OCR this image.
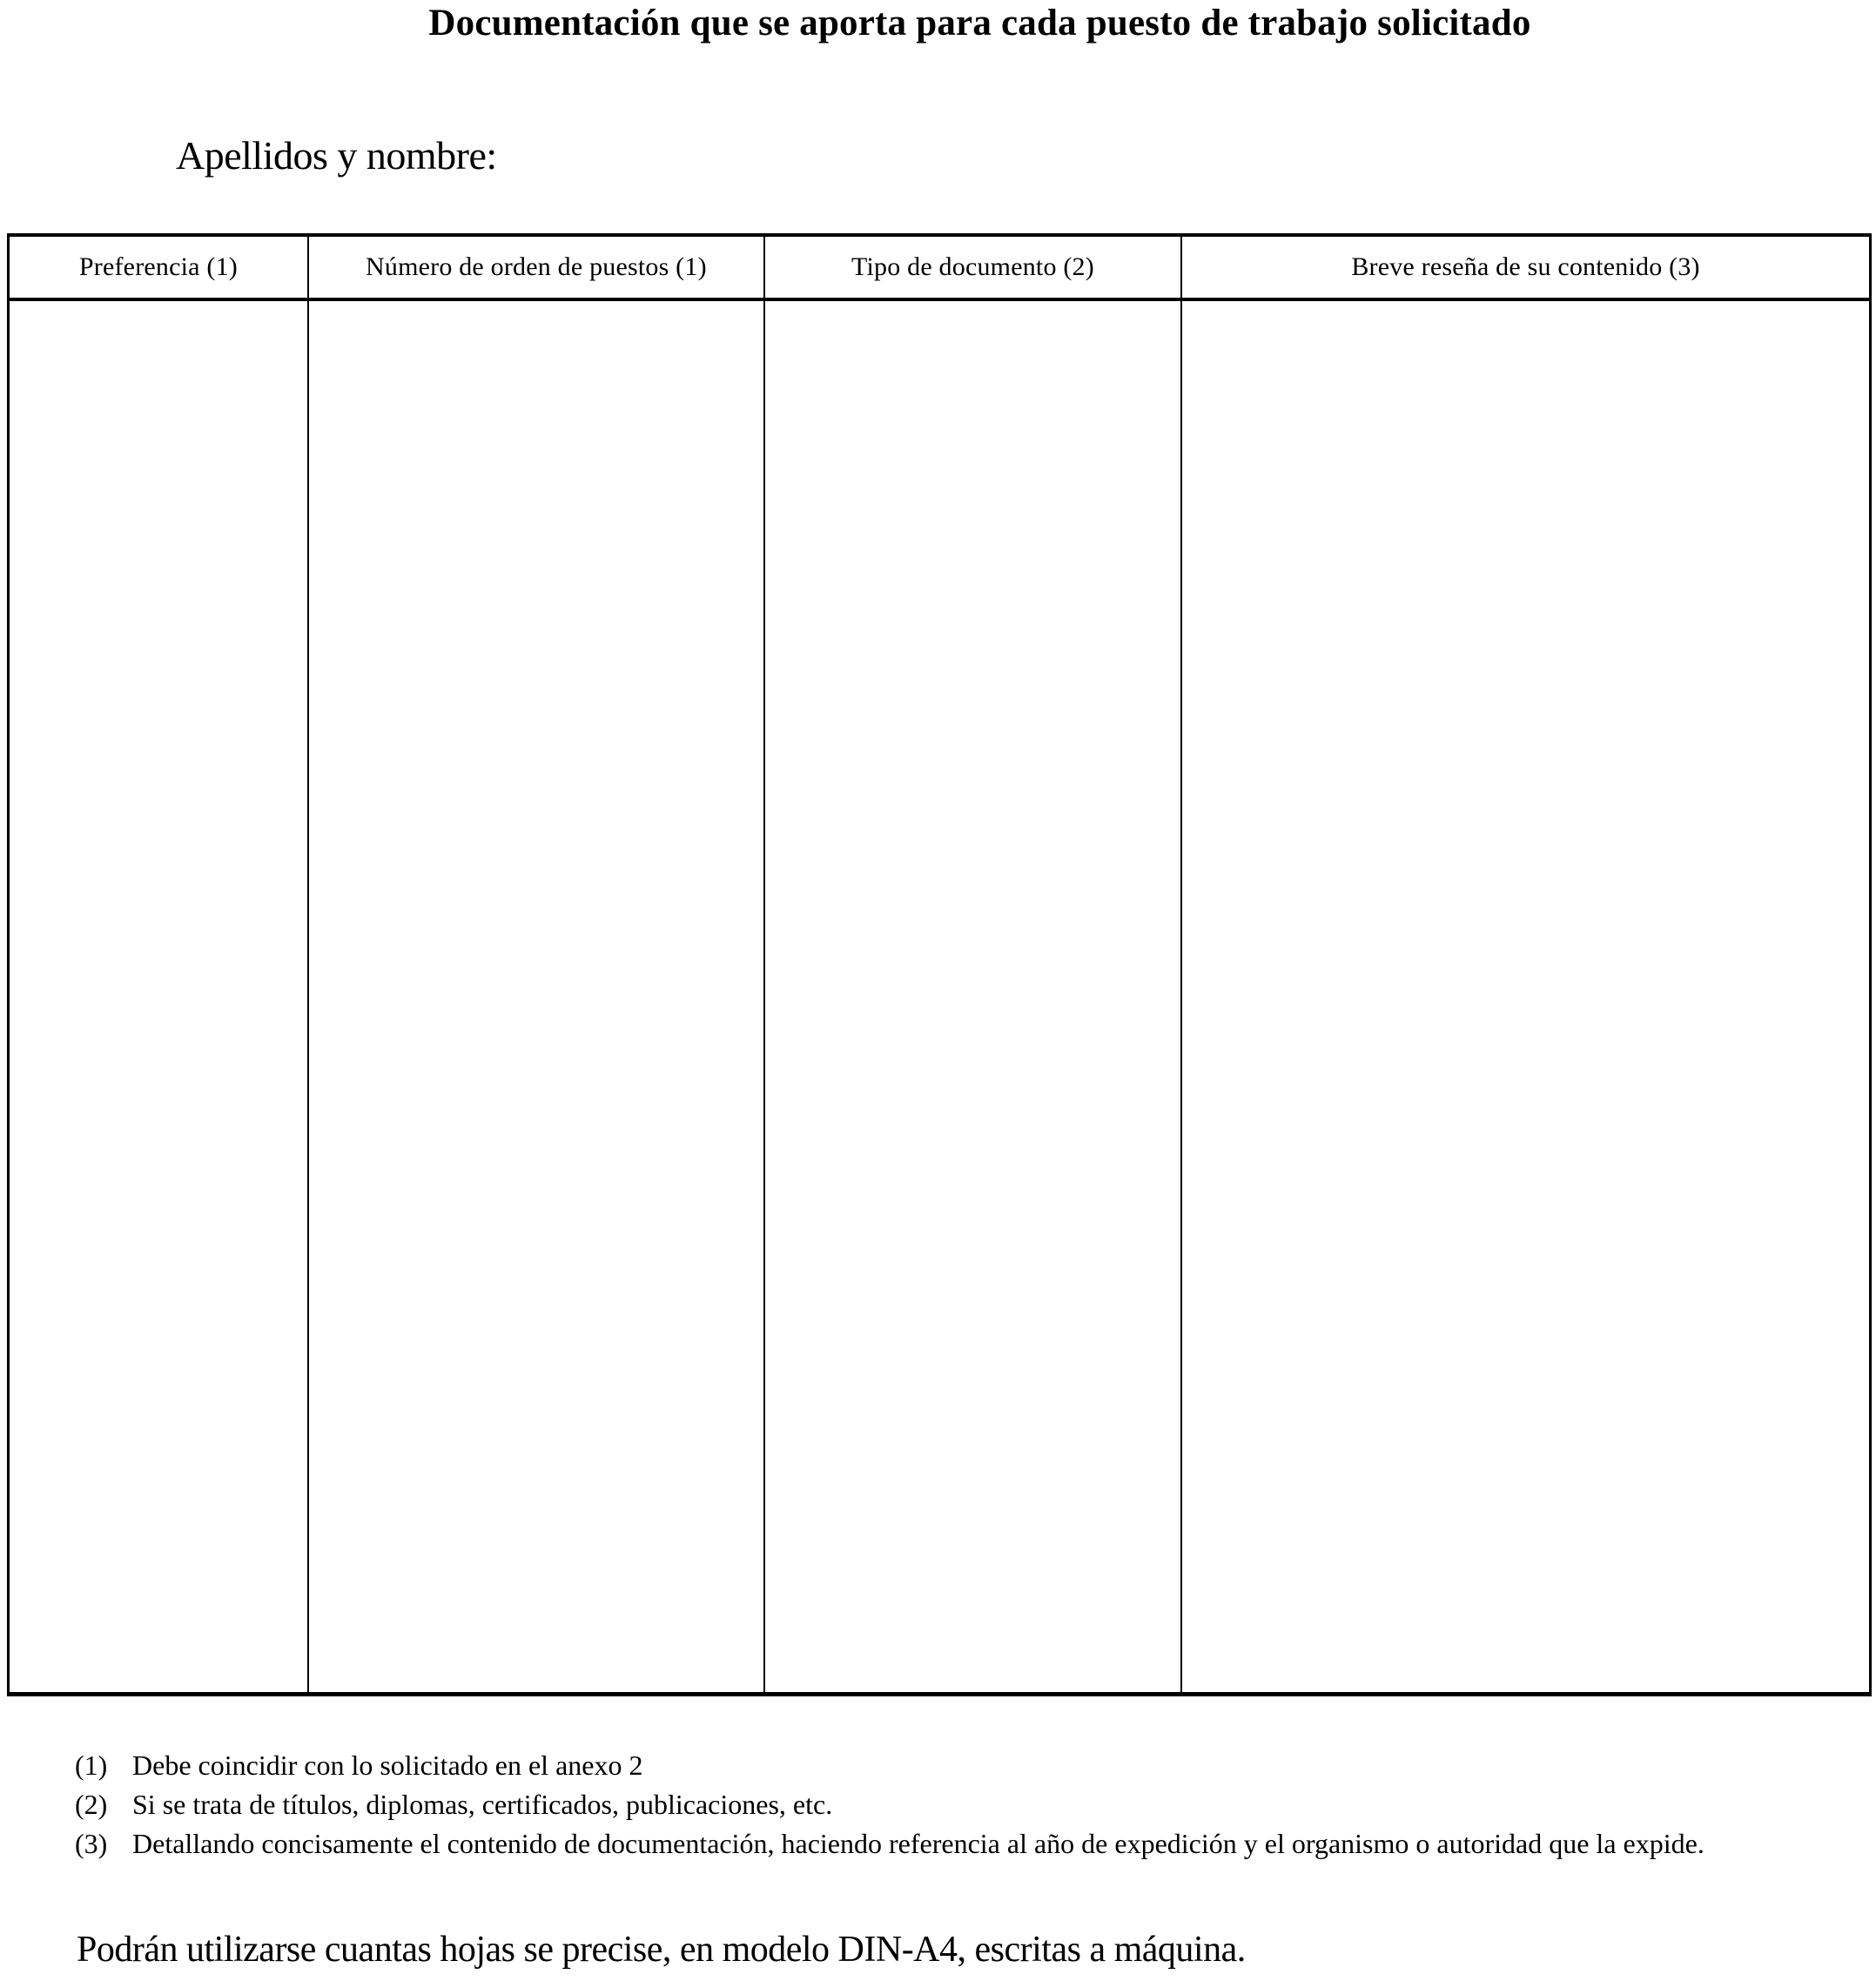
Documentación que se aporta para cada puesto de trabajo solicitado
Apellidos y nombre:
Preferencia (1)	Número de orden de puestos (1)	Tipo de documento (2)	Breve reseña de su contenido (3)

(1) Debe coincidir con lo solicitado en el anexo 2
(2) Si se trata de títulos, diplomas, certificados, publicaciones, etc.
(3) Detallando concisamente el contenido de documentación, haciendo referencia al año de expedición y el organismo o autoridad que la expide.
Podrán utilizarse cuantas hojas se precise, en modelo DIN-A4, escritas a máquina.
